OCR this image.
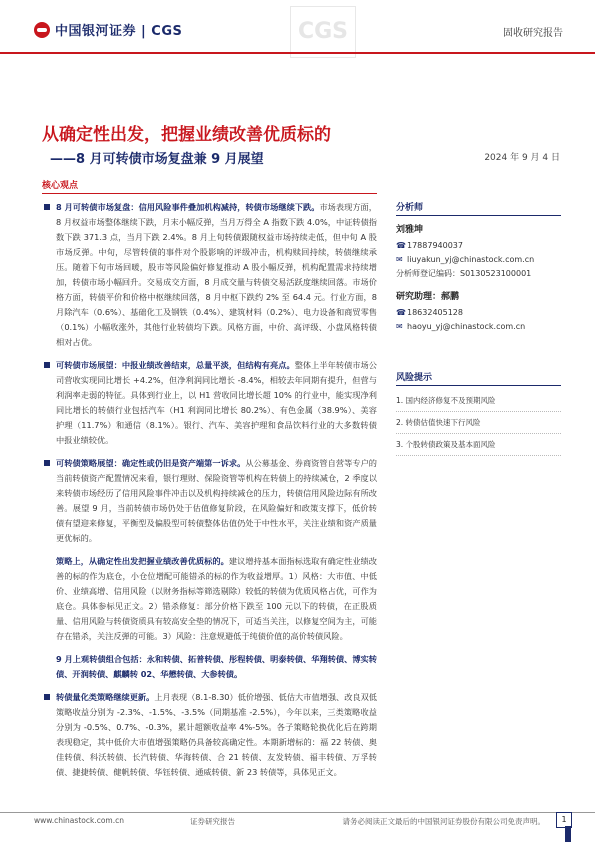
中国银河证券 | CGS	CGS	固收研究报告
从确定性出发，把握业绩改善优质标的
——8 月可转债市场复盘兼 9 月展望	2024 年 9 月 4 日
核心观点
8 月可转债市场复盘：信用风险事件叠加机构减持，转债市场继续下跌。市场表现方面，8 月权益市场整体继续下跌，月末小幅反弹，当月万得全 A 指数下跌 4.0%，中证转债指数下跌 371.3 点，当月下跌 2.4%。8 月上旬转债跟随权益市场持续走低，但中旬 A 股市场反弹。中旬，尽管转债的事件对个股影响的评级冲击，机构赎回持续，转债继续承压。随着下旬市场回暖，股市等风险偏好修复推动 A 股小幅反弹，机构配置需求持续增加，转债市场小幅回升。交易成交方面，8 月成交量与转债交易活跃度继续回落。市场价格方面，转债平价和价格中枢继续回落，8 月中枢下跌约 2% 至 64.4 元。行业方面，8 月除汽车（0.6%）、基础化工及钢铁（0.4%）、建筑材料（0.2%）、电力设备和商贸零售（0.1%）小幅收涨外，其他行业转债均下跌。风格方面，中价、高评级、小盘风格转债相对占优。
可转债市场展望：中报业绩改善结束，总量平淡，但结构有亮点。整体上半年转债市场公司营收实现同比增长 +4.2%，但净利润同比增长 -8.4%，相较去年同期有提升，但营与利润率走弱的特征。具体到行业上，以 H1 营收同比增长超 10% 的行业中，能实现净利同比增长的转债行业包括汽车（H1 利润同比增长 80.2%）、有色金属（38.9%）、美容护理（11.7%）和通信（8.1%）。银行、汽车、美容护理和食品饮料行业的大多数转债中报业绩较优。
可转债策略展望：确定性或仍旧是资产端第一诉求。从公募基金、券商资管自营等专户的当前转债资产配置情况来看，银行理财、保险资管等机构在转债上的持续减仓，2 季度以来转债市场经历了信用风险事件冲击以及机构持续减仓的压力，转债信用风险边际有所改善。展望 9 月，当前转债市场仍处于估值修复阶段，在风险偏好和政策支撑下，低价转债有望迎来修复，平衡型及偏股型可转债整体估值仍处于中性水平，关注业绩和资产质量更优标的。
策略上，从确定性出发把握业绩改善优质标的。建议增持基本面指标选取有确定性业绩改善的标的作为底仓，小仓位增配可能错杀的标的作为收益增厚。1）风格：大市值、中低价、业绩高增、信用风险（以财务指标等筛选剔除）较低的转债为优质风格占优，可作为底仓。具体参标见正文。2）错杀修复：部分价格下跌至 100 元以下的转债，在正股质量、信用风险与转债资质具有较高安全垫的情况下，可适当关注，以修复空间为主，可能存在错杀，关注反弹的可能。3）风险：注意规避低于纯债价值的高价转债风险。
9 月上观转债组合包括：永和转债、拓普转债、彤程转债、明泰转债、华翔转债、博实转债、开润转债、麒麟转 02、华懋转债、大参转债。
转债量化类策略继续更新。上月表现（8.1-8.30）低价增强、低估大市值增强、改良双低策略收益分别为 -2.3%、-1.5%、-3.5%（同期基准 -2.5%），今年以来，三类策略收益分别为 -0.5%、0.7%、-0.3%，累计超额收益率 4%-5%。各子策略轮换优化后在跨期表现稳定，其中低价大市值增强策略仍具备较高确定性。本期新增标的：福 22 转债、奥佳转债、科沃转债、长汽转债、华海转债、合 21 转债、友发转债、福丰转债、万孚转债、捷捷转债、健帆转债、华钰转债、通威转债、新 23 转债等，具体见正文。
分析师
刘雅坤
☎17887940037
✉ liuyakun_yj@chinastock.com.cn
分析师登记编码：S0130523100001
研究助理：郝鹏
☎18632405128
✉ haoyu_yj@chinastock.com.cn
风险提示
1. 国内经济修复不及预期风险
2. 转债估值快速下行风险
3. 个股转债政策及基本面风险
www.chinastock.com.cn	证券研究报告	请务必阅读正文最后的中国银河证券股份有限公司免责声明。	1
